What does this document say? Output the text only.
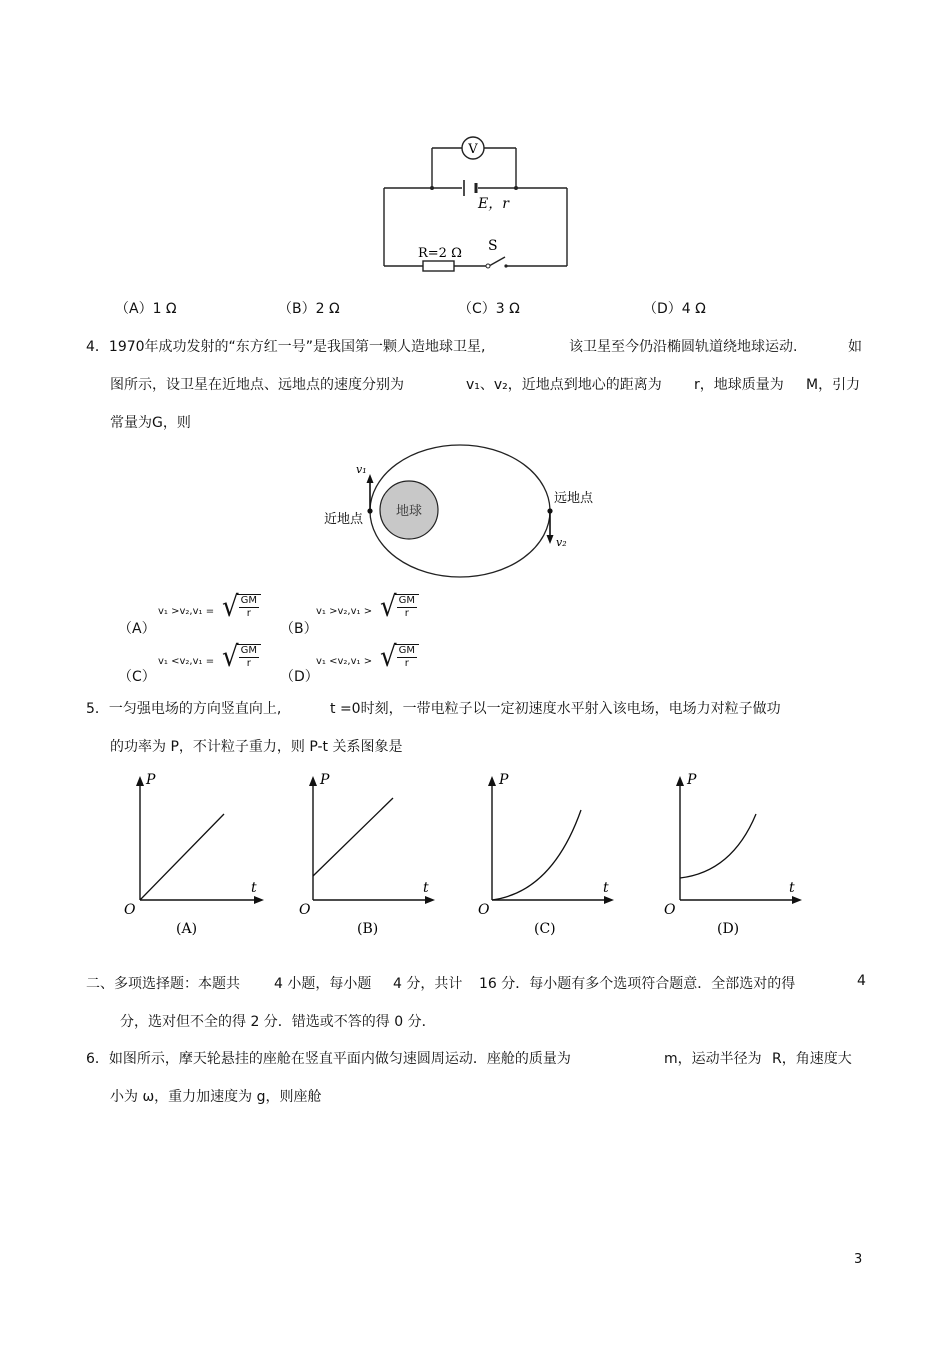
V
E，r
R=2 Ω S
（A）1 Ω	（B）2 Ω	（C）3 Ω	（D）4 Ω
4．1970年成功发射的“东方红一号”是我国第一颗人造地球卫星,	该卫星至今仍沿椭圆轨道绕地球运动.	如
图所示，设卫星在近地点、远地点的速度分别为	v₁、v₂，近地点到地心的距离为 r，地球质量为 M，引力
常量为G，则
地球
v₁
v₂
近地点
远地点
（A）
v₁ >v₂,v₁ = √
$\frac{GM}{r}$
（B）
v₁ >v₂,v₁ > √
$\frac{GM}{r}$
（C）
v₁ <v₂,v₁ = √
$\frac{GM}{r}$
（D）
v₁ <v₂,v₁ > √
$\frac{GM}{r}$
5．一匀强电场的方向竖直向上,	t =0时刻，一带电粒子以一定初速度水平射入该电场，电场力对粒子做功
的功率为 P，不计粒子重力，则 P-t 关系图象是
P
t
O
(A)
P
t
O
(B)
P
t
O
(C)
P
t
O
(D)
二、多项选择题：本题共 4 小题，每小题 4 分，共计 16 分．每小题有多个选项符合题意．全部选对的得	4
分，选对但不全的得 2 分．错选或不答的得 0 分．
6．如图所示，摩天轮悬挂的座舱在竖直平面内做匀速圆周运动．座舱的质量为	m，运动半径为 R，角速度大
小为 ω，重力加速度为 g，则座舱
3
